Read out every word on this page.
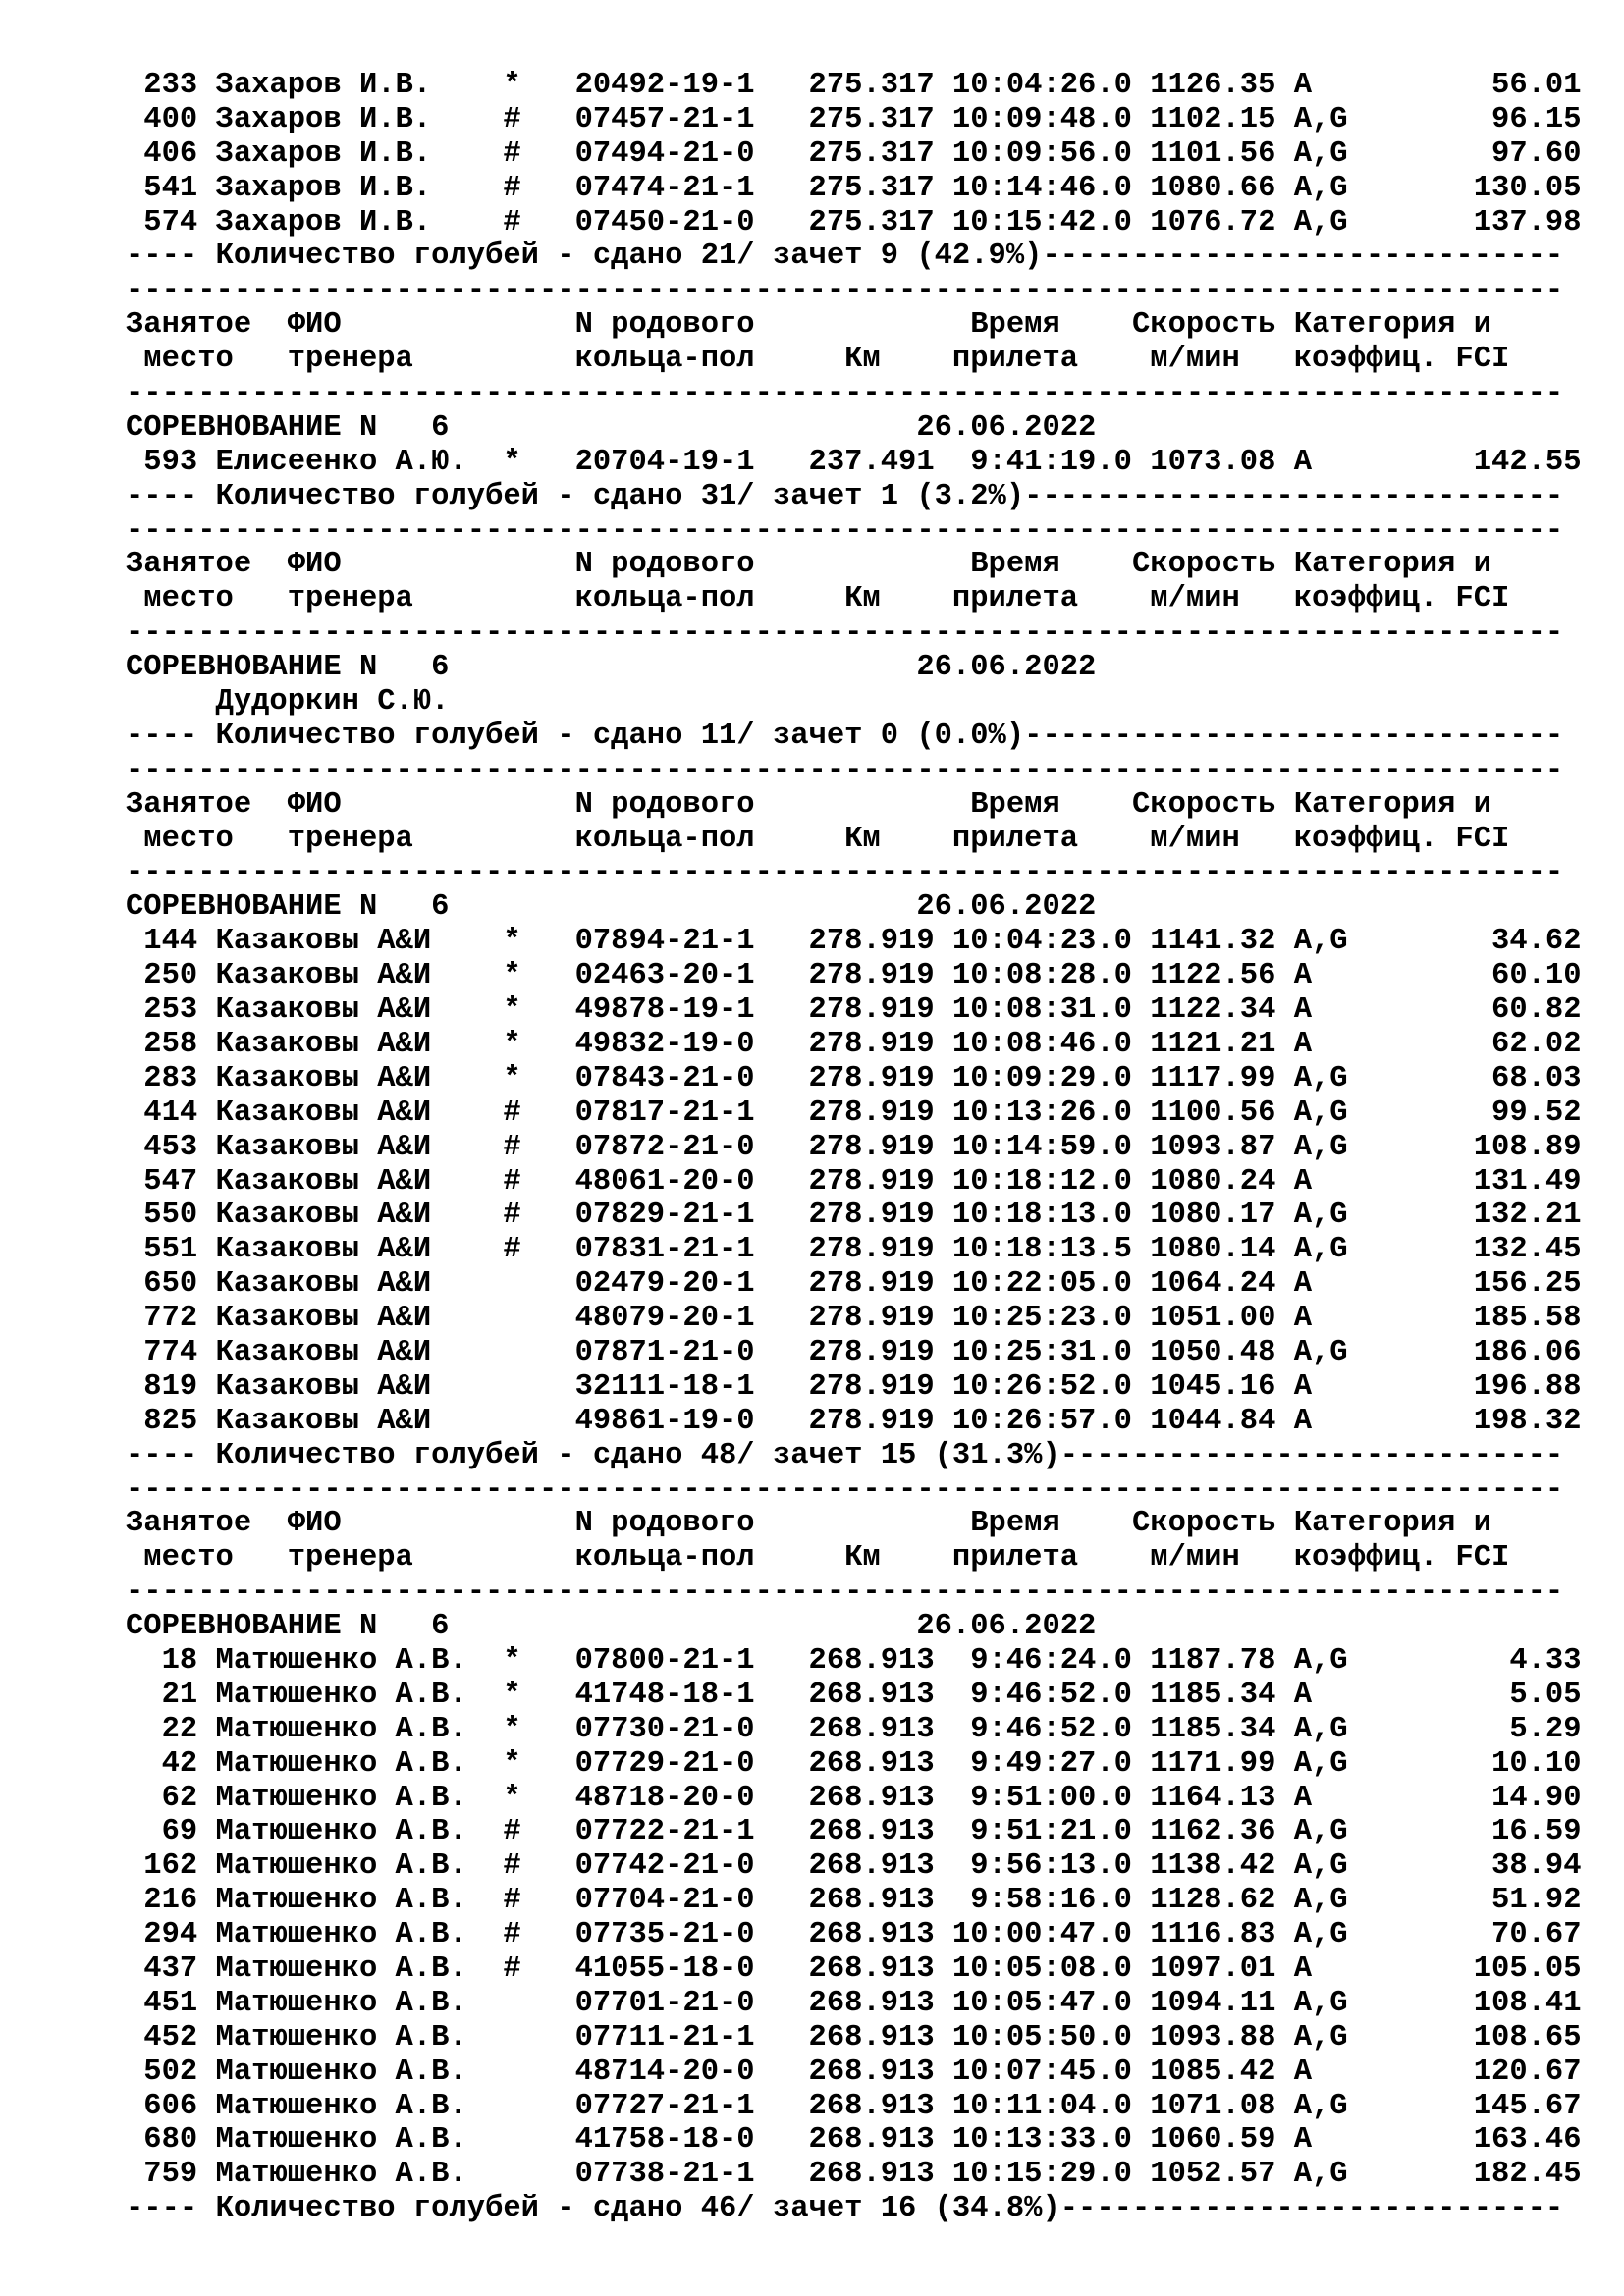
233 Захаров И.В.    *   20492-19-1   275.317 10:04:26.0 1126.35 A          56.01
400 Захаров И.В.    #   07457-21-1   275.317 10:09:48.0 1102.15 A,G        96.15
406 Захаров И.В.    #   07494-21-0   275.317 10:09:56.0 1101.56 A,G        97.60
541 Захаров И.В.    #   07474-21-1   275.317 10:14:46.0 1080.66 A,G       130.05
574 Захаров И.В.    #   07450-21-0   275.317 10:15:42.0 1076.72 A,G       137.98
---- Количество голубей - сдано 21/ зачет 9 (42.9%)-----------------------------
--------------------------------------------------------------------------------
Занятое  ФИО             N родового            Время    Скорость Категория и
место   тренера         кольца-пол     Км    прилета    м/мин   коэффиц. FCI
--------------------------------------------------------------------------------
СОРЕВНОВАНИЕ N   6                          26.06.2022
593 Елисеенко А.Ю.  *   20704-19-1   237.491  9:41:19.0 1073.08 A         142.55
---- Количество голубей - сдано 31/ зачет 1 (3.2%)------------------------------
--------------------------------------------------------------------------------
Занятое  ФИО             N родового            Время    Скорость Категория и
место   тренера         кольца-пол     Км    прилета    м/мин   коэффиц. FCI
--------------------------------------------------------------------------------
СОРЕВНОВАНИЕ N   6                          26.06.2022
Дудоркин С.Ю.
---- Количество голубей - сдано 11/ зачет 0 (0.0%)------------------------------
--------------------------------------------------------------------------------
Занятое  ФИО             N родового            Время    Скорость Категория и
место   тренера         кольца-пол     Км    прилета    м/мин   коэффиц. FCI
--------------------------------------------------------------------------------
СОРЕВНОВАНИЕ N   6                          26.06.2022
144 Казаковы А&И    *   07894-21-1   278.919 10:04:23.0 1141.32 A,G        34.62
250 Казаковы А&И    *   02463-20-1   278.919 10:08:28.0 1122.56 A          60.10
253 Казаковы А&И    *   49878-19-1   278.919 10:08:31.0 1122.34 A          60.82
258 Казаковы А&И    *   49832-19-0   278.919 10:08:46.0 1121.21 A          62.02
283 Казаковы А&И    *   07843-21-0   278.919 10:09:29.0 1117.99 A,G        68.03
414 Казаковы А&И    #   07817-21-1   278.919 10:13:26.0 1100.56 A,G        99.52
453 Казаковы А&И    #   07872-21-0   278.919 10:14:59.0 1093.87 A,G       108.89
547 Казаковы А&И    #   48061-20-0   278.919 10:18:12.0 1080.24 A         131.49
550 Казаковы А&И    #   07829-21-1   278.919 10:18:13.0 1080.17 A,G       132.21
551 Казаковы А&И    #   07831-21-1   278.919 10:18:13.5 1080.14 A,G       132.45
650 Казаковы А&И        02479-20-1   278.919 10:22:05.0 1064.24 A         156.25
772 Казаковы А&И        48079-20-1   278.919 10:25:23.0 1051.00 A         185.58
774 Казаковы А&И        07871-21-0   278.919 10:25:31.0 1050.48 A,G       186.06
819 Казаковы А&И        32111-18-1   278.919 10:26:52.0 1045.16 A         196.88
825 Казаковы А&И        49861-19-0   278.919 10:26:57.0 1044.84 A         198.32
---- Количество голубей - сдано 48/ зачет 15 (31.3%)----------------------------
--------------------------------------------------------------------------------
Занятое  ФИО             N родового            Время    Скорость Категория и
место   тренера         кольца-пол     Км    прилета    м/мин   коэффиц. FCI
--------------------------------------------------------------------------------
СОРЕВНОВАНИЕ N   6                          26.06.2022
18 Матюшенко А.В.  *   07800-21-1   268.913  9:46:24.0 1187.78 A,G         4.33
21 Матюшенко А.В.  *   41748-18-1   268.913  9:46:52.0 1185.34 A           5.05
22 Матюшенко А.В.  *   07730-21-0   268.913  9:46:52.0 1185.34 A,G         5.29
42 Матюшенко А.В.  *   07729-21-0   268.913  9:49:27.0 1171.99 A,G        10.10
62 Матюшенко А.В.  *   48718-20-0   268.913  9:51:00.0 1164.13 A          14.90
69 Матюшенко А.В.  #   07722-21-1   268.913  9:51:21.0 1162.36 A,G        16.59
162 Матюшенко А.В.  #   07742-21-0   268.913  9:56:13.0 1138.42 A,G        38.94
216 Матюшенко А.В.  #   07704-21-0   268.913  9:58:16.0 1128.62 A,G        51.92
294 Матюшенко А.В.  #   07735-21-0   268.913 10:00:47.0 1116.83 A,G        70.67
437 Матюшенко А.В.  #   41055-18-0   268.913 10:05:08.0 1097.01 A         105.05
451 Матюшенко А.В.      07701-21-0   268.913 10:05:47.0 1094.11 A,G       108.41
452 Матюшенко А.В.      07711-21-1   268.913 10:05:50.0 1093.88 A,G       108.65
502 Матюшенко А.В.      48714-20-0   268.913 10:07:45.0 1085.42 A         120.67
606 Матюшенко А.В.      07727-21-1   268.913 10:11:04.0 1071.08 A,G       145.67
680 Матюшенко А.В.      41758-18-0   268.913 10:13:33.0 1060.59 A         163.46
759 Матюшенко А.В.      07738-21-1   268.913 10:15:29.0 1052.57 A,G       182.45
---- Количество голубей - сдано 46/ зачет 16 (34.8%)----------------------------
